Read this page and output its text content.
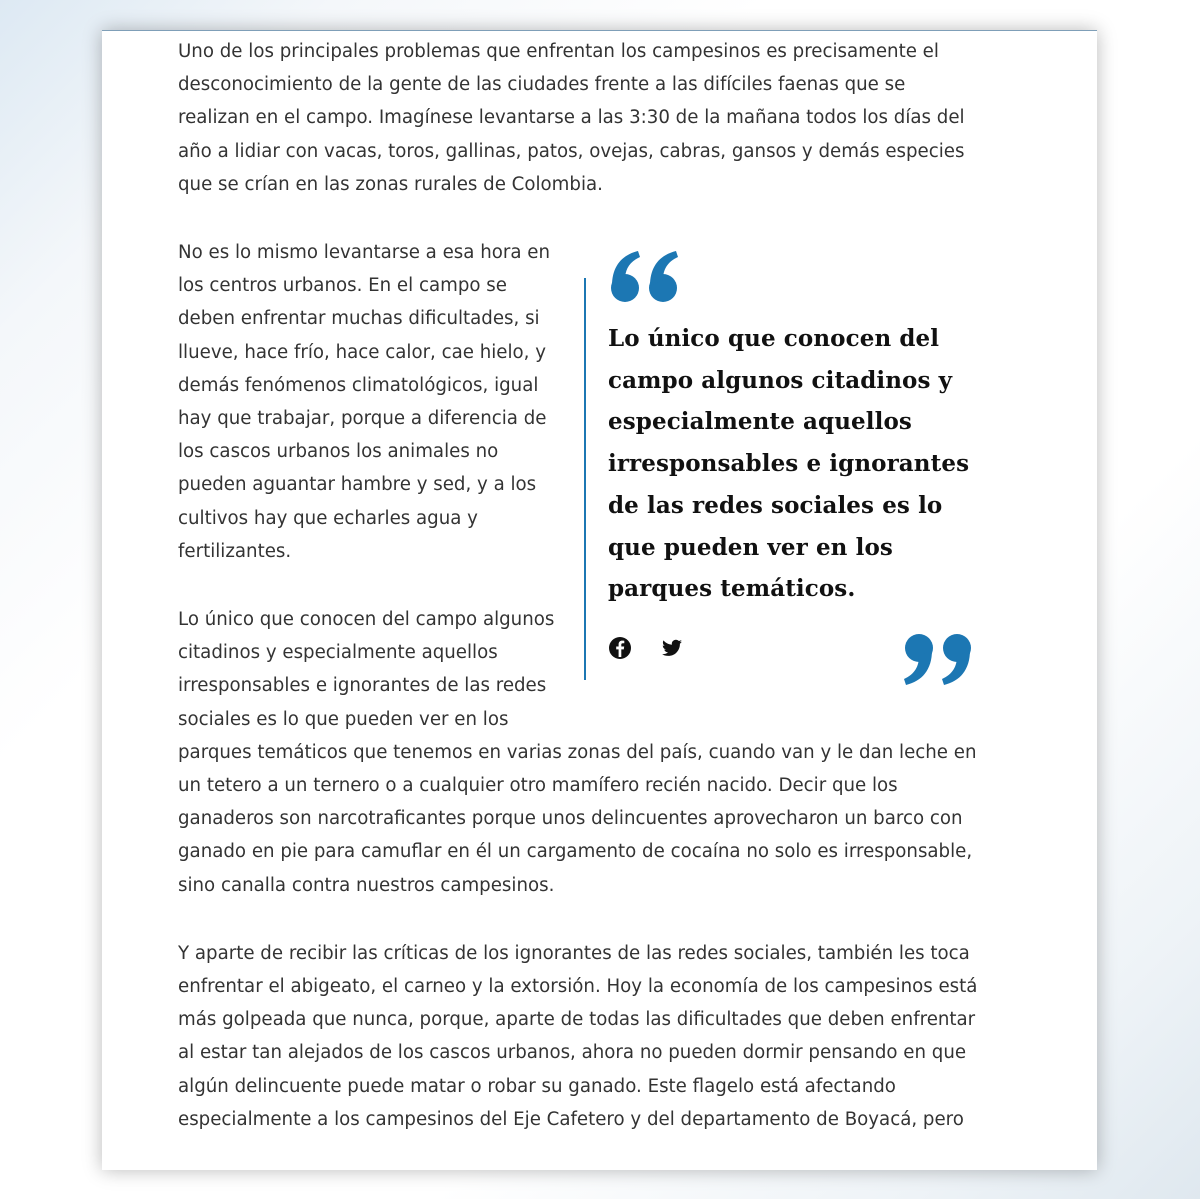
Uno de los principales problemas que enfrentan los campesinos es precisamente el desconocimiento de la gente de las ciudades frente a las difíciles faenas que se realizan en el campo. Imagínese levantarse a las 3:30 de la mañana todos los días del año a lidiar con vacas, toros, gallinas, patos, ovejas, cabras, gansos y demás especies que se crían en las zonas rurales de Colombia.

Lo único que conocen del campo algunos citadinos y especialmente aquellos irresponsables e ignorantes de las redes sociales es lo que pueden ver en los parques temáticos.

No es lo mismo levantarse a esa hora en los centros urbanos. En el campo se deben enfrentar muchas dificultades, si llueve, hace frío, hace calor, cae hielo, y demás fenómenos climatológicos, igual hay que trabajar, porque a diferencia de los cascos urbanos los animales no pueden aguantar hambre y sed, y a los cultivos hay que echarles agua y fertilizantes.

Lo único que conocen del campo algunos citadinos y especialmente aquellos irresponsables e ignorantes de las redes sociales es lo que pueden ver en los parques temáticos que tenemos en varias zonas del país, cuando van y le dan leche en un tetero a un ternero o a cualquier otro mamífero recién nacido. Decir que los ganaderos son narcotraficantes porque unos delincuentes aprovecharon un barco con ganado en pie para camuflar en él un cargamento de cocaína no solo es irresponsable, sino canalla contra nuestros campesinos.

Y aparte de recibir las críticas de los ignorantes de las redes sociales, también les toca enfrentar el abigeato, el carneo y la extorsión. Hoy la economía de los campesinos está más golpeada que nunca, porque, aparte de todas las dificultades que deben enfrentar al estar tan alejados de los cascos urbanos, ahora no pueden dormir pensando en que algún delincuente puede matar o robar su ganado. Este flagelo está afectando especialmente a los campesinos del Eje Cafetero y del departamento de Boyacá, pero
